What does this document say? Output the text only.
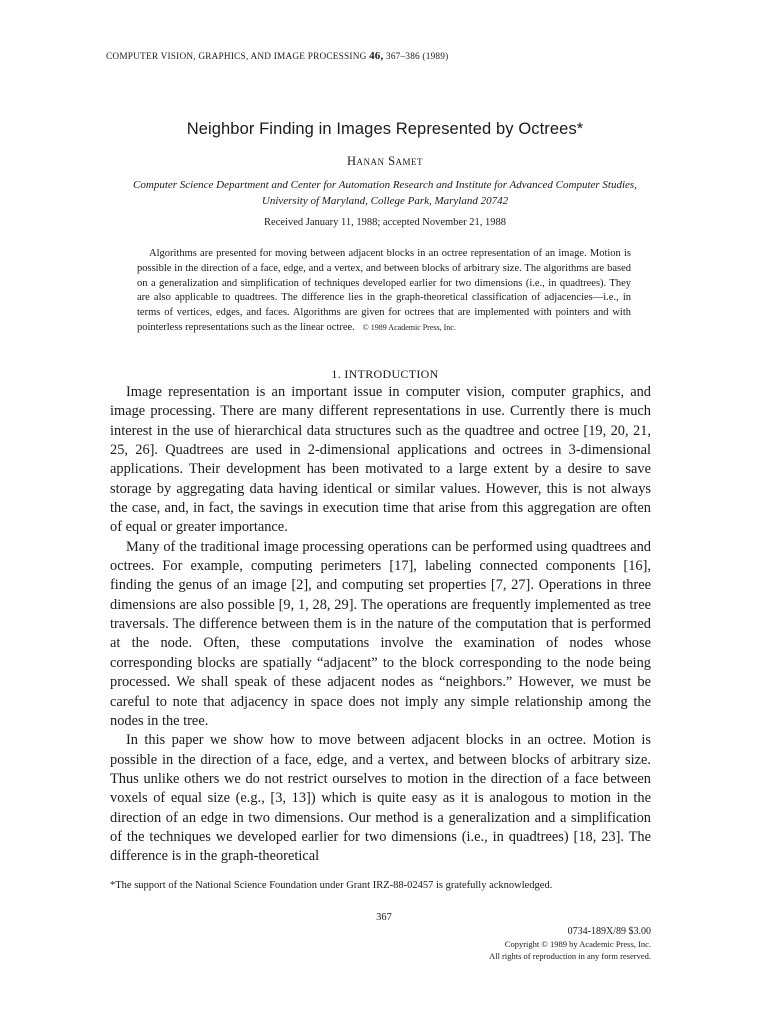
COMPUTER VISION, GRAPHICS, AND IMAGE PROCESSING 46, 367–386 (1989)
Neighbor Finding in Images Represented by Octrees*
Hanan Samet
Computer Science Department and Center for Automation Research and Institute for Advanced Computer Studies, University of Maryland, College Park, Maryland 20742
Received January 11, 1988; accepted November 21, 1988

Algorithms are presented for moving between adjacent blocks in an octree representation of an image. Motion is possible in the direction of a face, edge, and a vertex, and between blocks of arbitrary size. The algorithms are based on a generalization and simplification of techniques developed earlier for two dimensions (i.e., in quadtrees). They are also applicable to quadtrees. The difference lies in the graph-theoretical classification of adjacencies—i.e., in terms of vertices, edges, and faces. Algorithms are given for octrees that are implemented with pointers and with pointerless representations such as the linear octree. © 1989 Academic Press, Inc.

1. INTRODUCTION

Image representation is an important issue in computer vision, computer graphics, and image processing. There are many different representations in use. Currently there is much interest in the use of hierarchical data structures such as the quadtree and octree [19, 20, 21, 25, 26]. Quadtrees are used in 2-dimensional applications and octrees in 3-dimensional applications. Their development has been motivated to a large extent by a desire to save storage by aggregating data having identical or similar values. However, this is not always the case, and, in fact, the savings in execution time that arise from this aggregation are often of equal or greater importance.

Many of the traditional image processing operations can be performed using quadtrees and octrees. For example, computing perimeters [17], labeling connected components [16], finding the genus of an image [2], and computing set properties [7, 27]. Operations in three dimensions are also possible [9, 1, 28, 29]. The operations are frequently implemented as tree traversals. The difference between them is in the nature of the computation that is performed at the node. Often, these computations involve the examination of nodes whose corresponding blocks are spatially “adjacent” to the block corresponding to the node being processed. We shall speak of these adjacent nodes as “neighbors.” However, we must be careful to note that adjacency in space does not imply any simple relationship among the nodes in the tree.

In this paper we show how to move between adjacent blocks in an octree. Motion is possible in the direction of a face, edge, and a vertex, and between blocks of arbitrary size. Thus unlike others we do not restrict ourselves to motion in the direction of a face between voxels of equal size (e.g., [3, 13]) which is quite easy as it is analogous to motion in the direction of an edge in two dimensions. Our method is a generalization and a simplification of the techniques we developed earlier for two dimensions (i.e., in quadtrees) [18, 23]. The difference is in the graph-theoretical

*The support of the National Science Foundation under Grant IRZ-88-02457 is gratefully acknowledged.

367
0734-189X/89 $3.00
Copyright © 1989 by Academic Press, Inc.
All rights of reproduction in any form reserved.
